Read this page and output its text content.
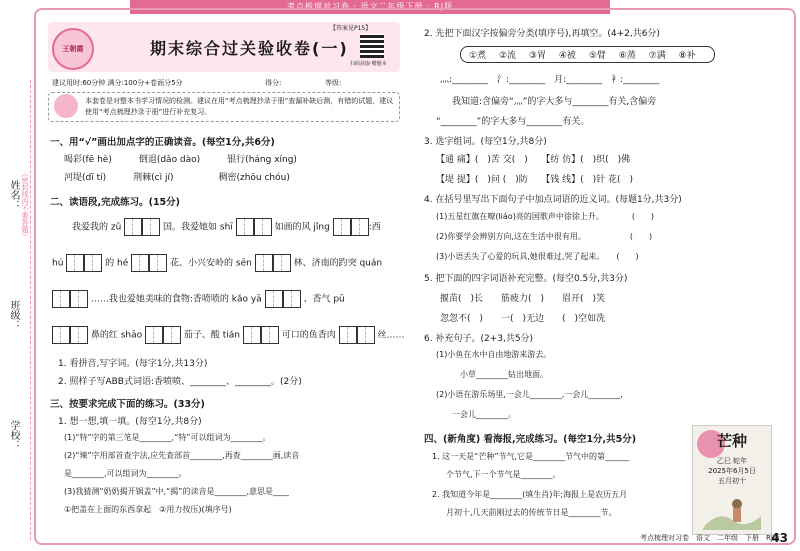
考点梳理对习卷 · 语文二年级下册 · RJ版
姓名：
班级：
学校：
（密封线内不要答题）
王朝霞
【答案见P15】
期末综合过关验收卷(一)
扫码获取·赠题本
建议用时:60分钟 满分:100分+卷面分5分	得分:	等级:
本套卷是对整本书学习情况的检测。建议在用“考点梳理抄录于册”查漏补缺后测，有错的试题，建议使用“考点梳理抄录于册”进行补充复习。
一、用“√”画出加点字的正确读音。(每空1分,共6分)
喝彩(fē hè)　　　倒退(dǎo dào)　　　银行(háng xíng)
河堤(dī tí)　　　荆棘(cì jí)　　　　　稠密(zhōu chóu)
二、读语段,完成练习。(15分)
我爱我的 zǔ	国。我爱她如 shī	如画的风 jǐng	:西
hú	的 hé	花、小兴安岭的 sēn	林、济南的趵突 quán
……我也爱她美味的食物:香喷喷的 kǎo yā	、香气 pū
鼻的红 shāo	茄子、酸 tián	可口的鱼香肉	丝……
1. 看拼音,写字词。(每字1分,共13分)
2. 照样子写ABB式词语:香喷喷、________、________。(2分)
三、按要求完成下面的练习。(33分)
1. 想一想,填一填。(每空1分,共8分)
(1)“特”字的第三笔是________,“特”可以组词为________。
(2)“辣”字用部首查字法,应先查部首________,再查________画,读音
是________,可以组词为________。
(3)我猜测“奶奶揭开锅盖”中,“揭”的读音是________,意思是____
①把盖在上面的东西拿起　②用力按压)(填序号)
2. 先把下面汉字按偏旁分类(填序号),再填空。(4+2,共6分)
①煮 ②流 ③胃 ④被 ⑤臂 ⑥蒸 ⑦满 ⑧补
灬:________　氵:________　月:________　衤:________
我知道:含偏旁“灬”的字大多与________有关,含偏旁
“________”的字大多与________有关。
3. 选字组词。(每空1分,共8分)
【通 痛】(　)苦 交(　)　　【纺 仿】(　)织(　)佛
【堤 提】(　)问 (　)防　　【钱 线】(　)针 花(　)
4. 在括号里写出下面句子中加点词语的近义词。(每题1分,共3分)
(1)五星红旗在嘹(liáo)亮的国歌声中徐徐上升。　　　　(　　)
(2)你要学会辨别方向,这在生活中很有用。　　　　　　(　　)
(3)小语丢失了心爱的玩具,她很难过,哭了起来。　　(　　)
5. 把下面的四字词语补充完整。(每空0.5分,共3分)
揠苗(　)长　　筋疲力(　)　　眉开(　)笑
忽忽不(　)　　一(　)无边　　(　)空如洗
6. 补充句子。(2+3,共5分)
(1)小鱼在水中自由地游来游去。
小草________钻出地面。
(2)小语在游乐场里,一会儿________,一会儿________,
一会儿________。
四、(新角度) 看海报,完成练习。(每空1分,共5分)
1. 这一天是“芒种”节气,它是________节气中的第______
个节气,下一个节气是________。
2. 我知道今年是________(填生肖)年;海报上是农历五月
月初十,几天前刚过去的传统节日是________节。
芒种
乙巳 蛇年
2025年6月5日
五月初十
考点梳理对习卷　语文　二年级　下册　RJ版
43
